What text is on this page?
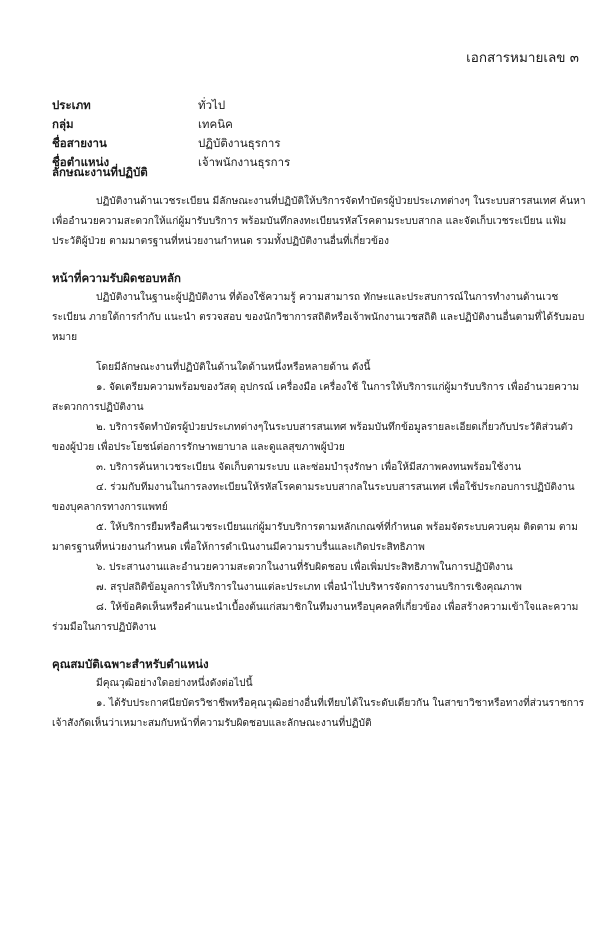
เอกสารหมายเลข ๓
ประเภท	ทั่วไป
กลุ่ม	เทคนิค
ชื่อสายงาน	ปฏิบัติงานธุรการ
ชื่อตำแหน่ง	เจ้าพนักงานธุรการ

ลักษณะงานที่ปฏิบัติ

ปฏิบัติงานด้านเวชระเบียน มีลักษณะงานที่ปฏิบัติให้บริการจัดทำบัตรผู้ป่วยประเภทต่างๆ ในระบบสารสนเทศ ค้นหาเพื่ออำนวยความสะดวกให้แก่ผู้มารับบริการ พร้อมบันทึกลงทะเบียนรหัสโรคตามระบบสากล และจัดเก็บเวชระเบียน แฟ้มประวัติผู้ป่วย ตามมาตรฐานที่หน่วยงานกำหนด รวมทั้งปฏิบัติงานอื่นที่เกี่ยวข้อง

หน้าที่ความรับผิดชอบหลัก

ปฏิบัติงานในฐานะผู้ปฏิบัติงาน ที่ต้องใช้ความรู้ ความสามารถ ทักษะและประสบการณ์ในการทำงานด้านเวชระเบียน ภายใต้การกำกับ แนะนำ ตรวจสอบ ของนักวิชาการสถิติหรือเจ้าพนักงานเวชสถิติ และปฏิบัติงานอื่นตามที่ได้รับมอบหมาย

โดยมีลักษณะงานที่ปฏิบัติในด้านใดด้านหนึ่งหรือหลายด้าน ดังนี้

๑. จัดเตรียมความพร้อมของวัสดุ อุปกรณ์ เครื่องมือ เครื่องใช้ ในการให้บริการแก่ผู้มารับบริการ เพื่ออำนวยความสะดวกการปฏิบัติงาน

๒. บริการจัดทำบัตรผู้ป่วยประเภทต่างๆในระบบสารสนเทศ พร้อมบันทึกข้อมูลรายละเอียดเกี่ยวกับประวัติส่วนตัวของผู้ป่วย เพื่อประโยชน์ต่อการรักษาพยาบาล และดูแลสุขภาพผู้ป่วย

๓. บริการค้นหาเวชระเบียน จัดเก็บตามระบบ และซ่อมบำรุงรักษา เพื่อให้มีสภาพคงทนพร้อมใช้งาน

๔. ร่วมกับทีมงานในการลงทะเบียนให้รหัสโรคตามระบบสากลในระบบสารสนเทศ เพื่อใช้ประกอบการปฏิบัติงานของบุคลากรทางการแพทย์

๕. ให้บริการยืมหรือคืนเวชระเบียนแก่ผู้มารับบริการตามหลักเกณฑ์ที่กำหนด พร้อมจัดระบบควบคุม ติดตาม ตามมาตรฐานที่หน่วยงานกำหนด เพื่อให้การดำเนินงานมีความราบรื่นและเกิดประสิทธิภาพ

๖. ประสานงานและอำนวยความสะดวกในงานที่รับผิดชอบ เพื่อเพิ่มประสิทธิภาพในการปฏิบัติงาน

๗. สรุปสถิติข้อมูลการให้บริการในงานแต่ละประเภท เพื่อนำไปบริหารจัดการงานบริการเชิงคุณภาพ

๘. ให้ข้อคิดเห็นหรือคำแนะนำเบื้องต้นแก่สมาชิกในทีมงานหรือบุคคลที่เกี่ยวข้อง เพื่อสร้างความเข้าใจและความร่วมมือในการปฏิบัติงาน

คุณสมบัติเฉพาะสำหรับตำแหน่ง

มีคุณวุฒิอย่างใดอย่างหนึ่งดังต่อไปนี้

๑. ได้รับประกาศนียบัตรวิชาชีพหรือคุณวุฒิอย่างอื่นที่เทียบได้ในระดับเดียวกัน ในสาขาวิชาหรือทางที่ส่วนราชการเจ้าสังกัดเห็นว่าเหมาะสมกับหน้าที่ความรับผิดชอบและลักษณะงานที่ปฏิบัติ
